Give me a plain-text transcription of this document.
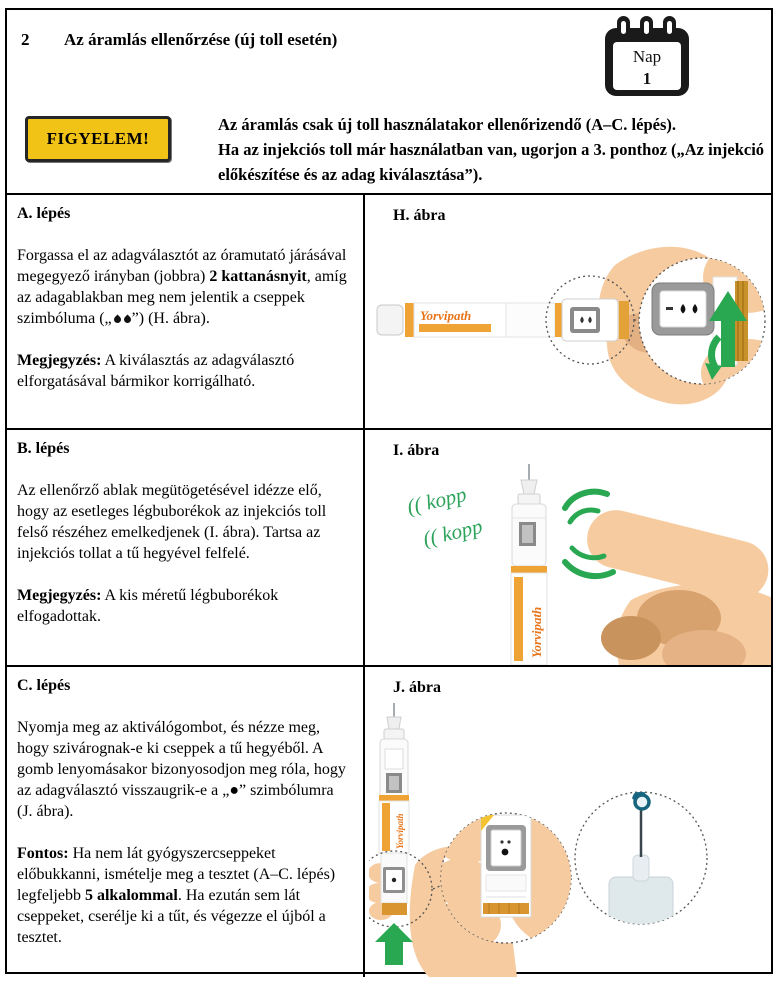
2 Az áramlás ellenőrzése (új toll esetén)
Nap
1
FIGYELEM!
Az áramlás csak új toll használatakor ellenőrizendő (A–C. lépés).
Ha az injekciós toll már használatban van, ugorjon a 3. ponthoz („Az injekció előkészítése és az adag kiválasztása”).
A. lépés

Forgassa el az adagválasztót az óramutató járásával megegyező irányban (jobbra) 2 kattanásnyit, amíg az adagablakban meg nem jelentik a cseppek szimbóluma („ ”) (H. ábra).

Megjegyzés: A kiválasztás az adagválasztó elforgatásával bármikor korrigálható.

H. ábra
Yorvipath
B. lépés

Az ellenőrző ablak megütögetésével idézze elő, hogy az esetleges légbuborékok az injekciós toll felső részéhez emelkedjenek (I. ábra). Tartsa az injekciós tollat a tű hegyével felfelé.

Megjegyzés: A kis méretű légbuborékok elfogadottak.

I. ábra
Yorvipath
(( kopp
(( kopp
C. lépés

Nyomja meg az aktiválógombot, és nézze meg, hogy szivárognak-e ki cseppek a tű hegyéből. A gomb lenyomásakor bizonyosodjon meg róla, hogy az adagválasztó visszaugrik-e a „●” szimbólumra (J. ábra).

Fontos: Ha nem lát gyógyszercseppeket előbukkanni, ismételje meg a tesztet (A–C. lépés) legfeljebb 5 alkalommal. Ha ezután sem lát cseppeket, cserélje ki a tűt, és végezze el újból a tesztet.

J. ábra
Yorvipath
